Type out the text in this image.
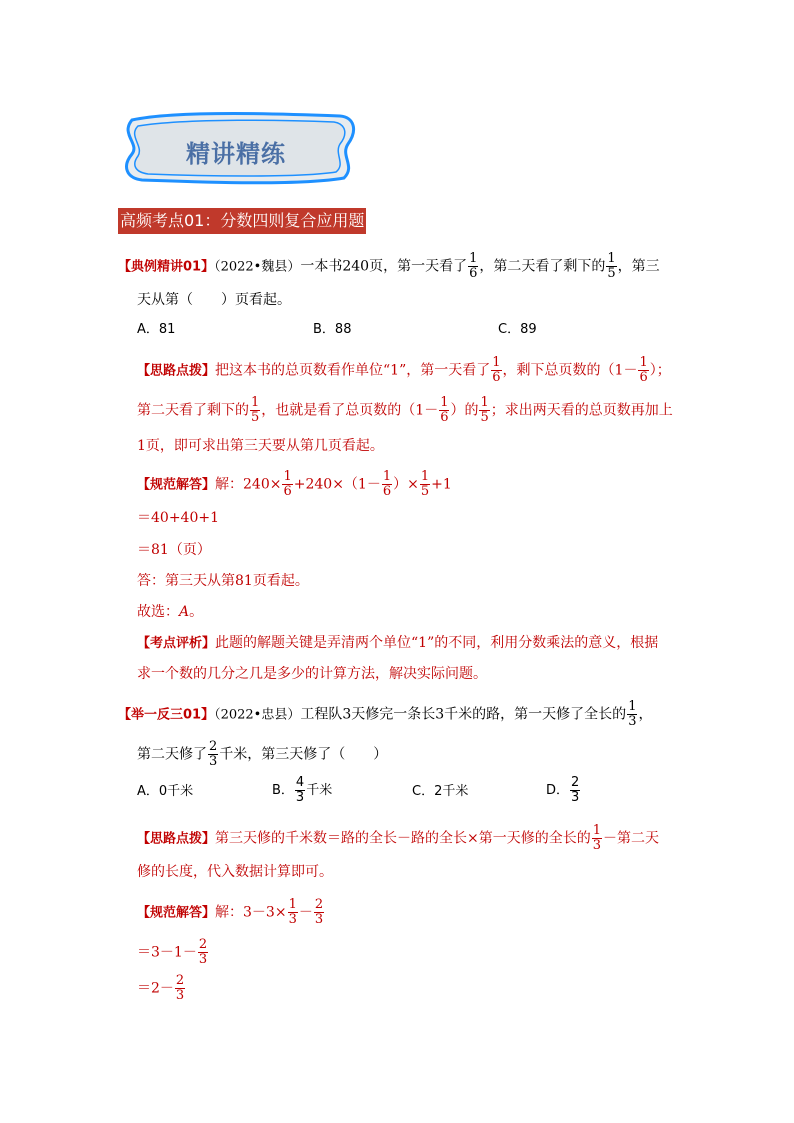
精讲精练
高频考点01：分数四则复合应用题
【典例精讲01】（2022•魏县）一本书240页，第一天看了 $\frac{1}{6}$ ，第二天看了剩下的 $\frac{1}{5}$ ，第三
天从第（　　）页看起。
A．81	B．88	C．89
【思路点拨】把这本书的总页数看作单位“1”，第一天看了 $\frac{1}{6}$ ，剩下总页数的（$1- \frac{1}{6}$ ）；
第二天看了剩下的 $\frac{1}{5}$ ，也就是看了总页数的（$1- \frac{1}{6}$ ）的 $\frac{1}{5}$ ；求出两天看的总页数再加上
1页，即可求出第三天要从第几页看起。
【规范解答】解：$240\times \frac{1}{6} +240\times(1- \frac{1}{6}$ ）× $\frac{1}{5} +1$
＝40+40+1
＝81（页）
答：第三天从第81页看起。
故选：A。
【考点评析】此题的解题关键是弄清两个单位“1”的不同，利用分数乘法的意义，根据
求一个数的几分之几是多少的计算方法，解决实际问题。
【举一反三01】（2022•忠县）工程队3天修完一条长3千米的路，第一天修了全长的 $\frac{1}{3}$ ，
第二天修了 $\frac{2}{3}$ 千米，第三天修了（　　）
A．0千米	B． $\frac{4}{3}$ 千米	C．2千米	D． $\frac{2}{3}$
【思路点拨】第三天修的千米数＝路的全长－路的全长×第一天修的全长的 $\frac{1}{3}$ －第二天
修的长度，代入数据计算即可。
【规范解答】解：$3-3\times \frac{1}{3} - \frac{2}{3}$
$=3-1- \frac{2}{3}$
$=2- \frac{2}{3}$
